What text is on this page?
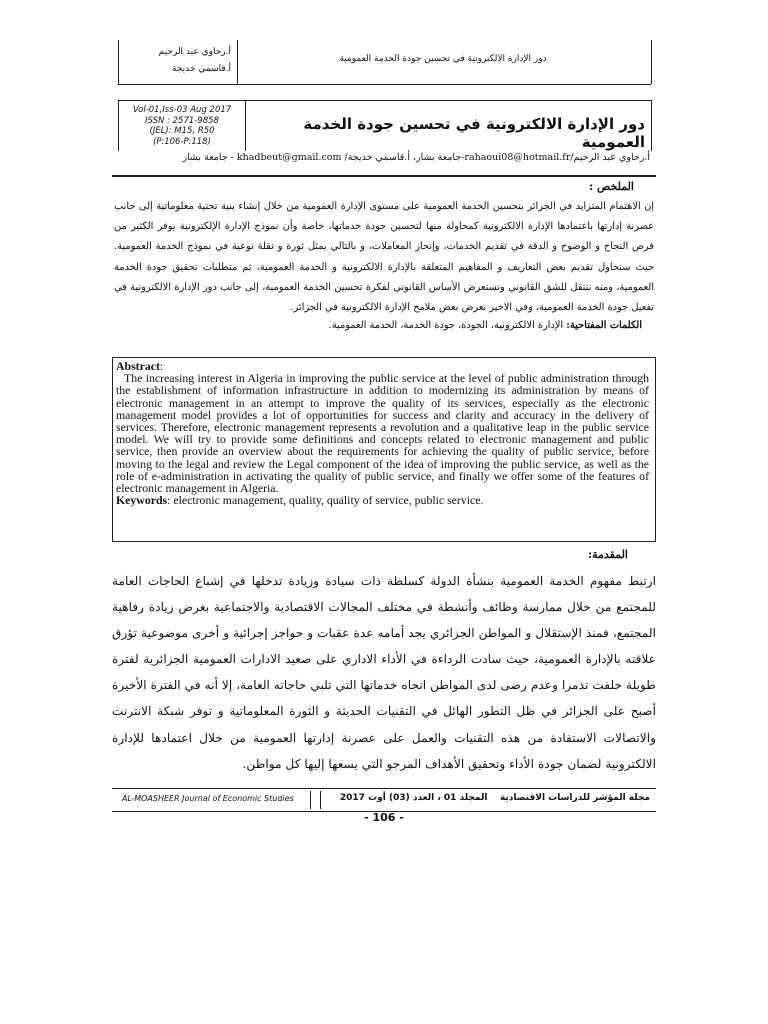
أ.رحاوي عبد الرحيم
أ.قاسمي خديجة
دور الإدارة الالكترونية في تحسين جودة الخدمة العمومية
Vol-01,Iss-03 Aug 2017
ISSN : 2571-9858
(JEL): M15, R50
(P:106-P:118)
دور الإدارة الالكترونية في تحسين جودة الخدمة العمومية
أ.رحاوي عبد الرحيم/rahaoui08@hotmail.fr-جامعة بشار، أ.قاسمي خديجة/ khadbeut@gmail.com - جامعة بشار
الملخص :
إن الاهتمام المتزايد في الجزائر بتحسين الخدمة العمومية على مستوى الإدارة العمومية من خلال إنشاء بنية تحتية معلوماتية إلى جانب عصرنة إدارتها باعتمادها الإدارة الالكترونية كمحاولة منها لتحسين جودة خدماتها، خاصة وأن نموذج الإدارة الإلكترونية يوفر الكثير من فرص النجاح و الوضوح و الدقة في تقديم الخدمات، وإنجاز المعاملات، و بالتالي يمثل ثورة و نقلة نوعية في نموذج الخدمة العمومية. حيث سنحاول تقديم بعض التعاريف و المفاهيم المتعلقة بالإدارة الالكترونية و الخدمة العمومية، ثم متطلبات تحقيق جودة الخدمة العمومية، ومنه ننتقل للشق القانوني ونستعرض الأساس القانوني لفكرة تحسين الخدمة العمومية، إلى جانب دور الإدارة الالكترونية في تفعيل جودة الخدمة العمومية، وفي الاخير نعرض بعض ملامح الإدارة الالكترونية في الجزائر.
الكلمات المفتاحية: الإدارة الالكترونية، الجودة، جودة الخدمة، الخدمة العمومية.
Abstract:

The increasing interest in Algeria in improving the public service at the level of public administration through the establishment of information infrastructure in addition to modernizing its administration by means of electronic management in an attempt to improve the quality of its services, especially as the electronic management model provides a lot of opportunities for success and clarity and accuracy in the delivery of services. Therefore, electronic management represents a revolution and a qualitative leap in the public service model. We will try to provide some definitions and concepts related to electronic management and public service, then provide an overview about the requirements for achieving the quality of public service, before moving to the legal and review the Legal component of the idea of improving the public service, as well as the role of e-administration in activating the quality of public service, and finally we offer some of the features of electronic management in Algeria.

Keywords: electronic management, quality, quality of service, public service.
المقدمة:
ارتبط مفهوم الخدمة العمومية بنشأة الدولة كسلطة ذات سيادة وزيادة تدخلها في إشباع الحاجات العامة للمجتمع من خلال ممارسة وظائف وأنشطة في مختلف المجالات الاقتصادية والاجتماعية بغرض زيادة رفاهية المجتمع، فمنذ الإستقلال و المواطن الجزائري يجد أمامه عدة عقبات و حواجز إجرائية و أخرى موضوعية تؤرق علاقته بالإدارة العمومية، حيث سادت الرداءة في الأداء الاداري على صعيد الادارات العمومية الجزائرية لفترة طويلة خلفت تذمرا وعدم رضى لدى المواطن اتجاه خدماتها التي تلبي حاجاته العامة، إلا أنه في الفترة الأخيرة أصبح على الجزائر في ظل التطور الهائل في التقنيات الحديثة و الثورة المعلوماتية و توفر شبكة الانترنت والاتصالات الاستفادة من هذه التقنيات والعمل على عصرنة إدارتها العمومية من خلال اعتمادها للإدارة الالكترونية لضمان جودة الأداء وتحقيق الأهداف المرجو التي يسعها إليها كل مواطن.
AL-MOASHEER Journal of Economic Studies	مجلة المؤشر للدراسات الاقتصادية    المجلد 01 ، العدد (03) أوت 2017
- 106 -
